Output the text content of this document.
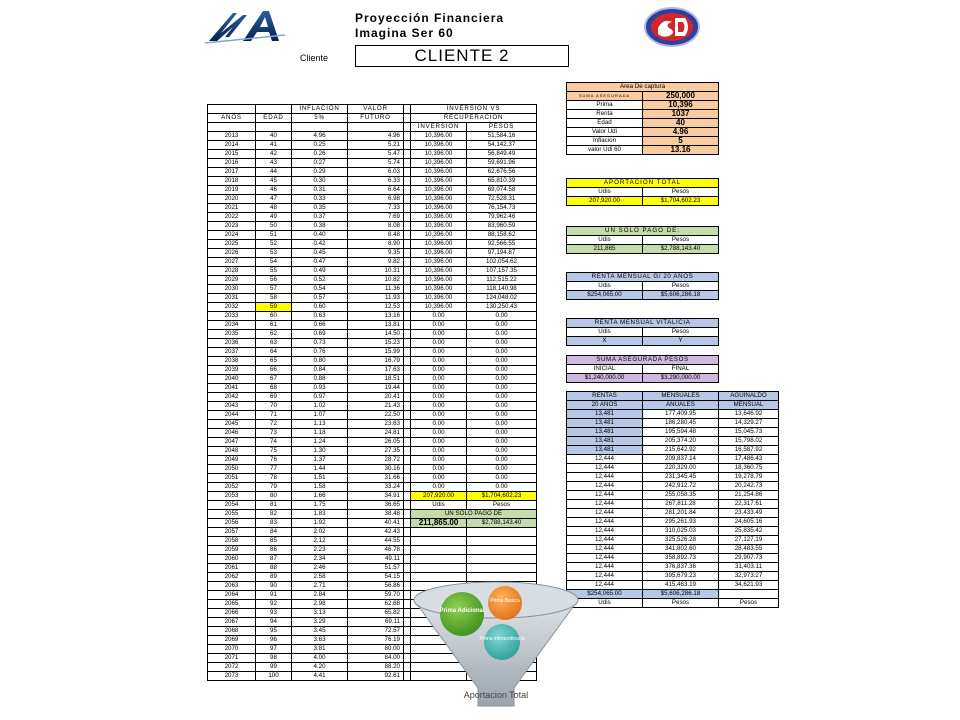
Proyección Financiera
Imagina Ser 60
Cliente	CLIENTE 2
		INFLACION	VALOR		INVERSION VS	
AÑOS	EDAD	5%	FUTURO		RECUPERACION	
					INVERSION	PESOS
2013	40	4.96	4.96		10,396.00	51,584.16
2014	41	0.25	5.21		10,396.00	54,142.37
2015	42	0.26	5.47		10,396.00	56,849.49
2016	43	0.27	5.74		10,396.00	59,691.96
2017	44	0.29	6.03		10,396.00	62,676.56
2018	45	0.30	6.33		10,396.00	65,810.39
2019	46	0.31	6.64		10,396.00	69,074.58
2020	47	0.33	6.98		10,396.00	72,528.31
2021	48	0.35	7.33		10,396.00	76,154.73
2022	49	0.37	7.69		10,396.00	79,962.46
2023	50	0.38	8.08		10,396.00	83,960.59
2024	51	0.40	8.48		10,396.00	88,158.62
2025	52	0.42	8.90		10,396.00	92,566.55
2026	53	0.45	9.35		10,396.00	97,194.87
2027	54	0.47	9.82		10,396.00	102,054.62
2028	55	0.49	10.31		10,396.00	107,157.35
2029	56	0.52	10.82		10,396.00	112,515.22
2030	57	0.54	11.36		10,396.00	118,140.98
2031	58	0.57	11.93		10,396.00	124,048.02
2032	59	0.60	12.53		10,396.00	130,250.43
2033	60	0.63	13.16		0.00	0.00
2034	61	0.66	13.81		0.00	0.00
2035	62	0.69	14.50		0.00	0.00
2036	63	0.73	15.23		0.00	0.00
2037	64	0.76	15.99		0.00	0.00
2038	65	0.80	16.79		0.00	0.00
2039	66	0.84	17.63		0.00	0.00
2040	67	0.88	18.51		0.00	0.00
2041	68	0.93	19.44		0.00	0.00
2042	69	0.97	20.41		0.00	0.00
2043	70	1.02	21.43		0.00	0.00
2044	71	1.07	22.50		0.00	0.00
2045	72	1.13	23.63		0.00	0.00
2046	73	1.18	24.81		0.00	0.00
2047	74	1.24	26.05		0.00	0.00
2048	75	1.30	27.35		0.00	0.00
2049	76	1.37	28.72		0.00	0.00
2050	77	1.44	30.16		0.00	0.00
2051	78	1.51	31.66		0.00	0.00
2052	79	1.58	33.24		0.00	0.00
2053	80	1.66	34.91		207,920.00	$1,704,602.23
2054	81	1.75	36.65		Udis	Pesos
2055	82	1.83	38.48		UN SOLO PAGO DE	
2056	83	1.92	40.41		211,865.00	$2,788,143.40
2057	84	2.02	42.43			
2058	85	2.12	44.55			
2059	86	2.23	46.78			
2060	87	2.34	49.11			
2061	88	2.46	51.57			
2062	89	2.58	54.15			
2063	90	2.71	56.86			
2064	91	2.84	59.70			
2065	92	2.98	62.68			
2066	93	3.13	65.82			
2067	94	3.29	69.11			
2068	95	3.45	72.57			
2069	96	3.63	76.19			
2070	97	3.81	80.00			
2071	98	4.00	84.00			
2072	99	4.20	88.20			
2073	100	4.41	92.61			
Area De captura	
SUMA ASEGURADA	250,000
Prima	10,396
Renta	1037
Edad	40
Valor Udi	4.96
Inflacion	5
valor Udi 60	13.16
APORTACION TOTAL	
Udis	Pesos
207,920.00	$1,704,602.23
UN SOLO PAGO DE:	
Udis	Pesos
211,865	$2,788,143.40
RENTA MENSUAL G/ 20 AÑOS	
Udis	Pesos
$254,065.00	$5,606,286.18
RENTA MENSUAL VITALICIA	
Udis	Pesos
X	Y
SUMA ASEGURADA PESOS	
INICIAL	FINAL
$1,240,000.00	$3,290,000.00
RENTAS	MENSUALES	AGUINALDO
20 AÑOS	ANUALES	MENSUAL
13,481	177,409.95	13,646.92
13,481	186,280.45	14,329.27
13,481	195,594.48	15,045.73
13,481	205,374.20	15,798.02
13,481	215,642.92	16,587.92
12,444	209,837.14	17,486.43
12,444	220,329.00	18,360.75
12,444	231,345.45	19,278.79
12,444	242,912.72	20,242.73
12,444	255,058.35	21,254.86
12,444	267,811.28	22,317.61
12,444	281,201.84	23,433.49
12,444	295,261.93	24,605.16
12,444	310,025.03	25,835.42
12,444	325,526.28	27,127.19
12,444	341,802.60	28,483.55
12,444	358,892.73	29,907.73
12,444	376,837.36	31,403.11
12,444	395,679.23	32,973.27
12,444	415,463.19	34,621.93
$254,065.00	$5,606,286.18	
Udis	Pesos	Pesos
Prima Adicional
Prima Basica
Prima extraordinaria
Aportacion Total
